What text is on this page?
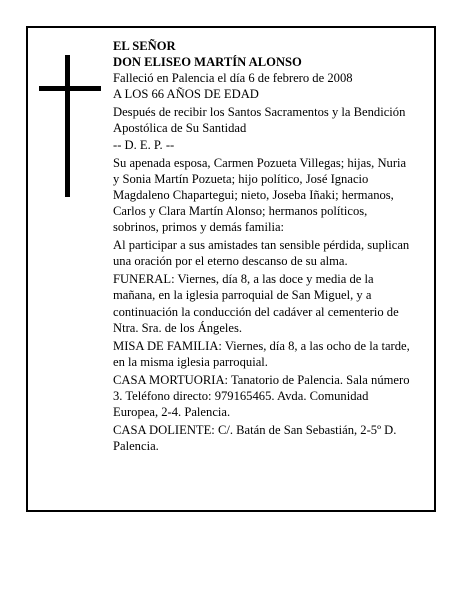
EL SEÑOR

DON ELISEO MARTÍN ALONSO

Falleció en Palencia el día 6 de febrero de 2008

A LOS 66 AÑOS DE EDAD

Después de recibir los Santos Sacramentos y la Bendición Apostólica de Su Santidad

-- D. E. P. --

Su apenada esposa, Carmen Pozueta Villegas; hijas, Nuria y Sonia Martín Pozueta; hijo político, José Ignacio Magdaleno Chapartegui; nieto, Joseba Iñaki; hermanos, Carlos y Clara Martín Alonso; hermanos políticos, sobrinos, primos y demás familia:

Al participar a sus amistades tan sensible pérdida, suplican una oración por el eterno descanso de su alma.

FUNERAL: Viernes, día 8, a las doce y media de la mañana, en la iglesia parroquial de San Miguel, y a continuación la conducción del cadáver al cementerio de Ntra. Sra. de los Ángeles.

MISA DE FAMILIA: Viernes, día 8, a las ocho de la tarde, en la misma iglesia parroquial.

CASA MORTUORIA: Tanatorio de Palencia. Sala número 3. Teléfono directo: 979165465. Avda. Comunidad Europea, 2-4. Palencia.

CASA DOLIENTE: C/. Batán de San Sebastián, 2-5º D. Palencia.
